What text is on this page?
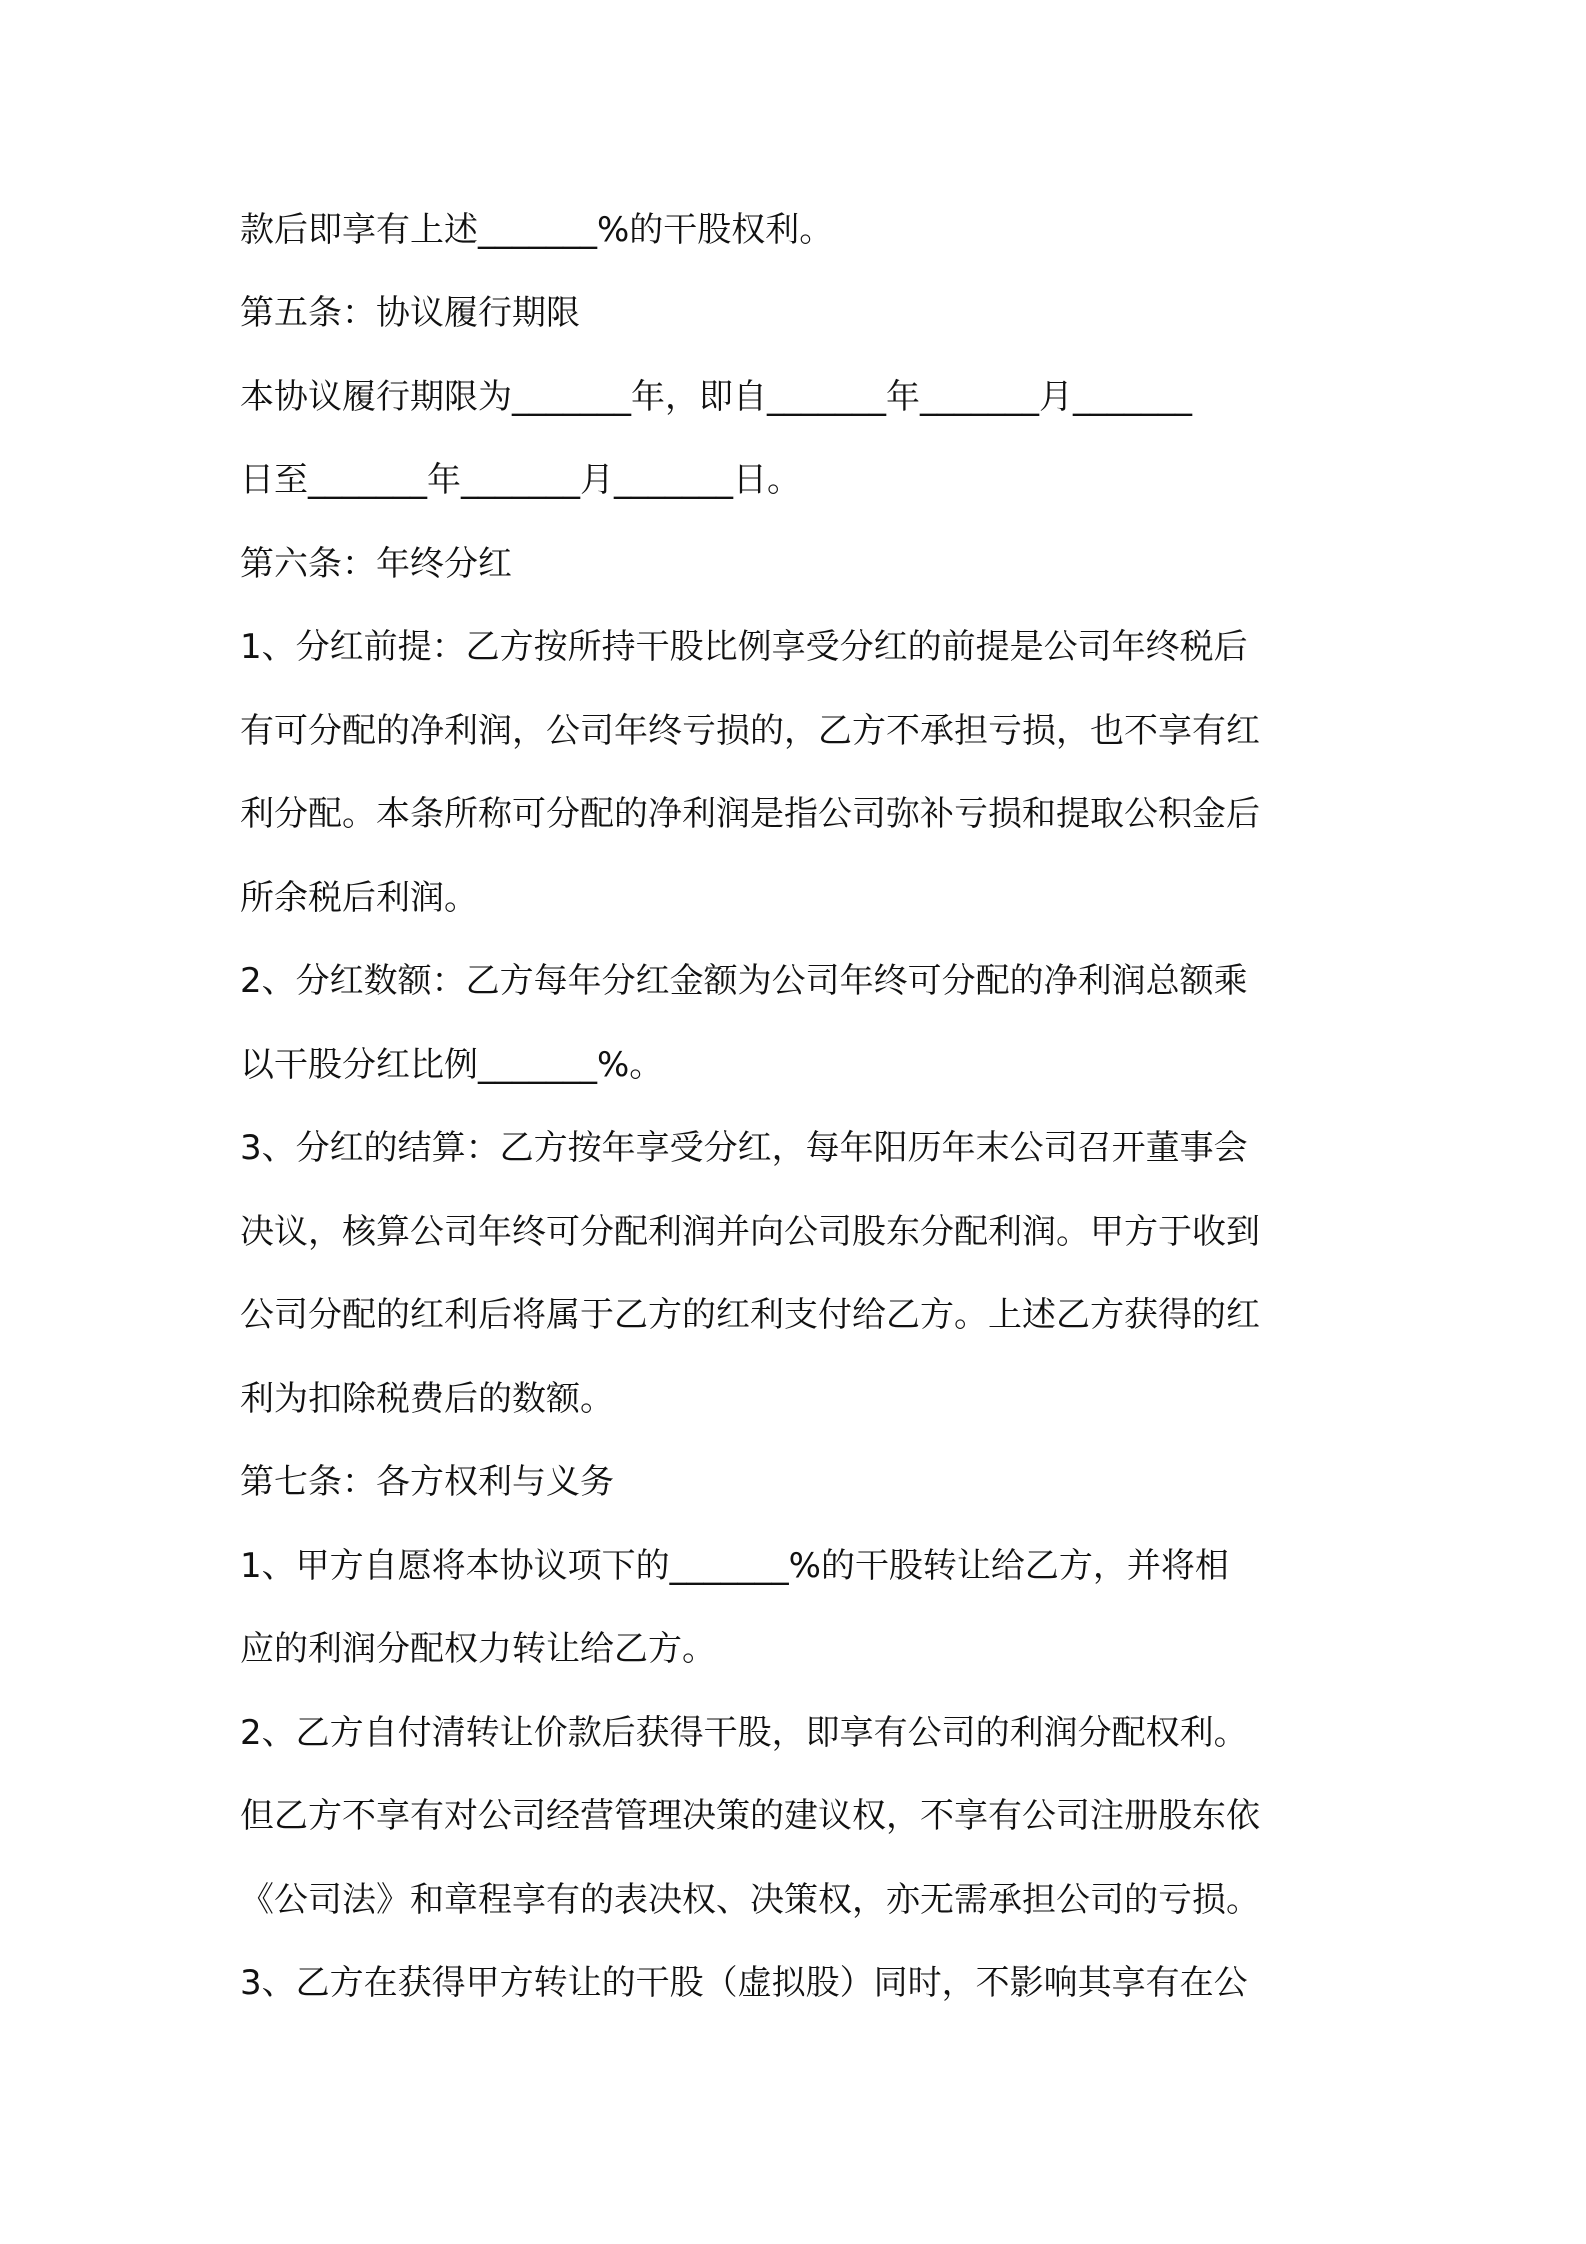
款后即享有上述_______%的干股权利。

第五条：协议履行期限

本协议履行期限为_______年，即自_______年_______月_______

日至_______年_______月_______日。

第六条：年终分红

1、分红前提：乙方按所持干股比例享受分红的前提是公司年终税后

有可分配的净利润，公司年终亏损的，乙方不承担亏损，也不享有红

利分配。本条所称可分配的净利润是指公司弥补亏损和提取公积金后

所余税后利润。

2、分红数额：乙方每年分红金额为公司年终可分配的净利润总额乘

以干股分红比例_______%。

3、分红的结算：乙方按年享受分红，每年阳历年末公司召开董事会

决议，核算公司年终可分配利润并向公司股东分配利润。甲方于收到

公司分配的红利后将属于乙方的红利支付给乙方。上述乙方获得的红

利为扣除税费后的数额。

第七条：各方权利与义务

1、甲方自愿将本协议项下的_______%的干股转让给乙方，并将相

应的利润分配权力转让给乙方。

2、乙方自付清转让价款后获得干股，即享有公司的利润分配权利。

但乙方不享有对公司经营管理决策的建议权，不享有公司注册股东依

《公司法》和章程享有的表决权、决策权，亦无需承担公司的亏损。

3、乙方在获得甲方转让的干股（虚拟股）同时，不影响其享有在公
